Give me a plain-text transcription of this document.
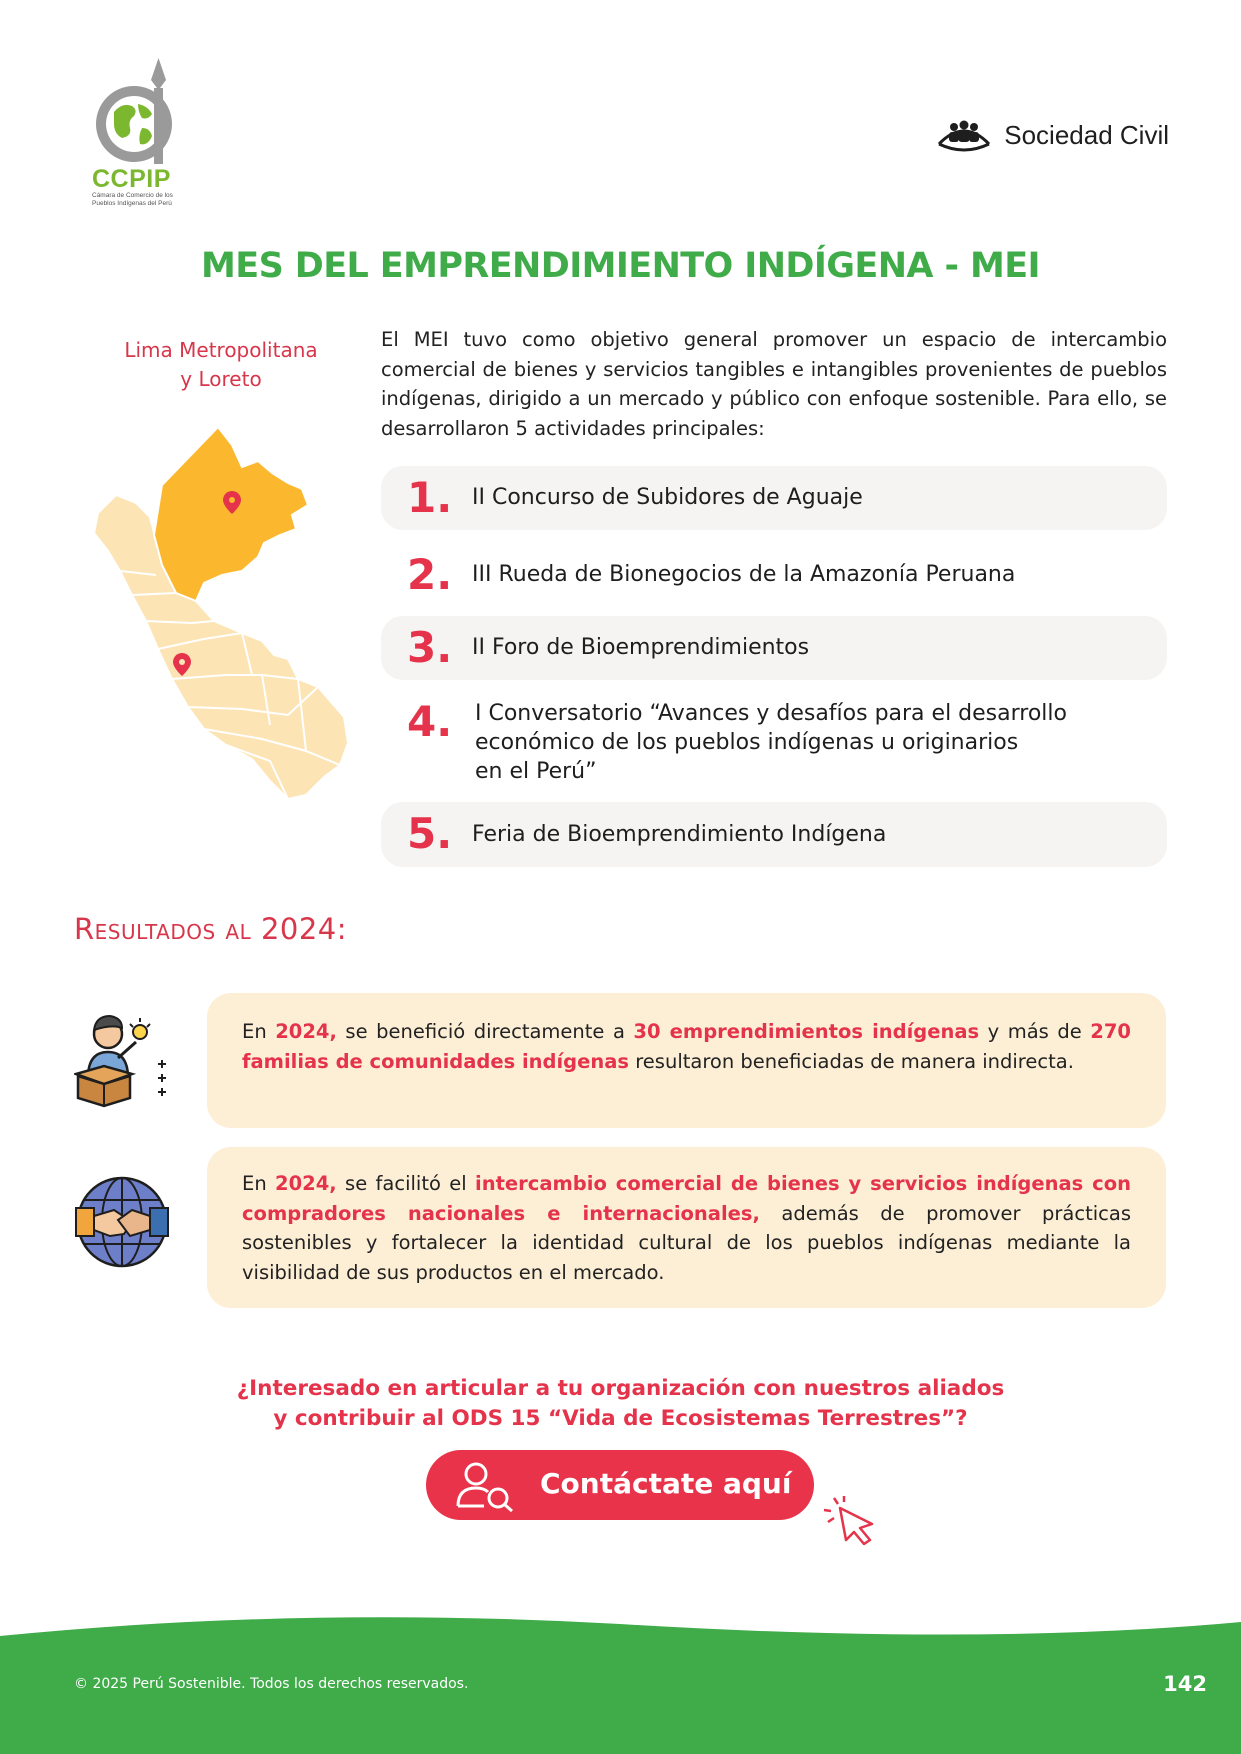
CCPIP
Cámara de Comercio de los
Pueblos Indígenas del Perú
Sociedad Civil
MES DEL EMPRENDIMIENTO INDÍGENA - MEI
Lima Metropolitana
y Loreto
El MEI tuvo como objetivo general promover un espacio de intercambio comercial de bienes y servicios tangibles e intangibles provenientes de pueblos indígenas, dirigido a un mercado y público con enfoque sostenible. Para ello, se desarrollaron 5 actividades principales:
1. II Concurso de Subidores de Aguaje
2. III Rueda de Bionegocios de la Amazonía Peruana
3. II Foro de Bioemprendimientos
4. I Conversatorio “Avances y desafíos para el desarrollo
económico de los pueblos indígenas u originarios
en el Perú”
5. Feria de Bioemprendimiento Indígena
Resultados al 2024:
En 2024, se benefició directamente a 30 emprendimientos indígenas y más de 270 familias de comunidades indígenas resultaron beneficiadas de manera indirecta.
En 2024, se facilitó el intercambio comercial de bienes y servicios indígenas con compradores nacionales e internacionales, además de promover prácticas sostenibles y fortalecer la identidad cultural de los pueblos indígenas mediante la visibilidad de sus productos en el mercado.
¿Interesado en articular a tu organización con nuestros aliados
y contribuir al ODS 15 “Vida de Ecosistemas Terrestres”?
Contáctate aquí
© 2025 Perú Sostenible. Todos los derechos reservados.	142
